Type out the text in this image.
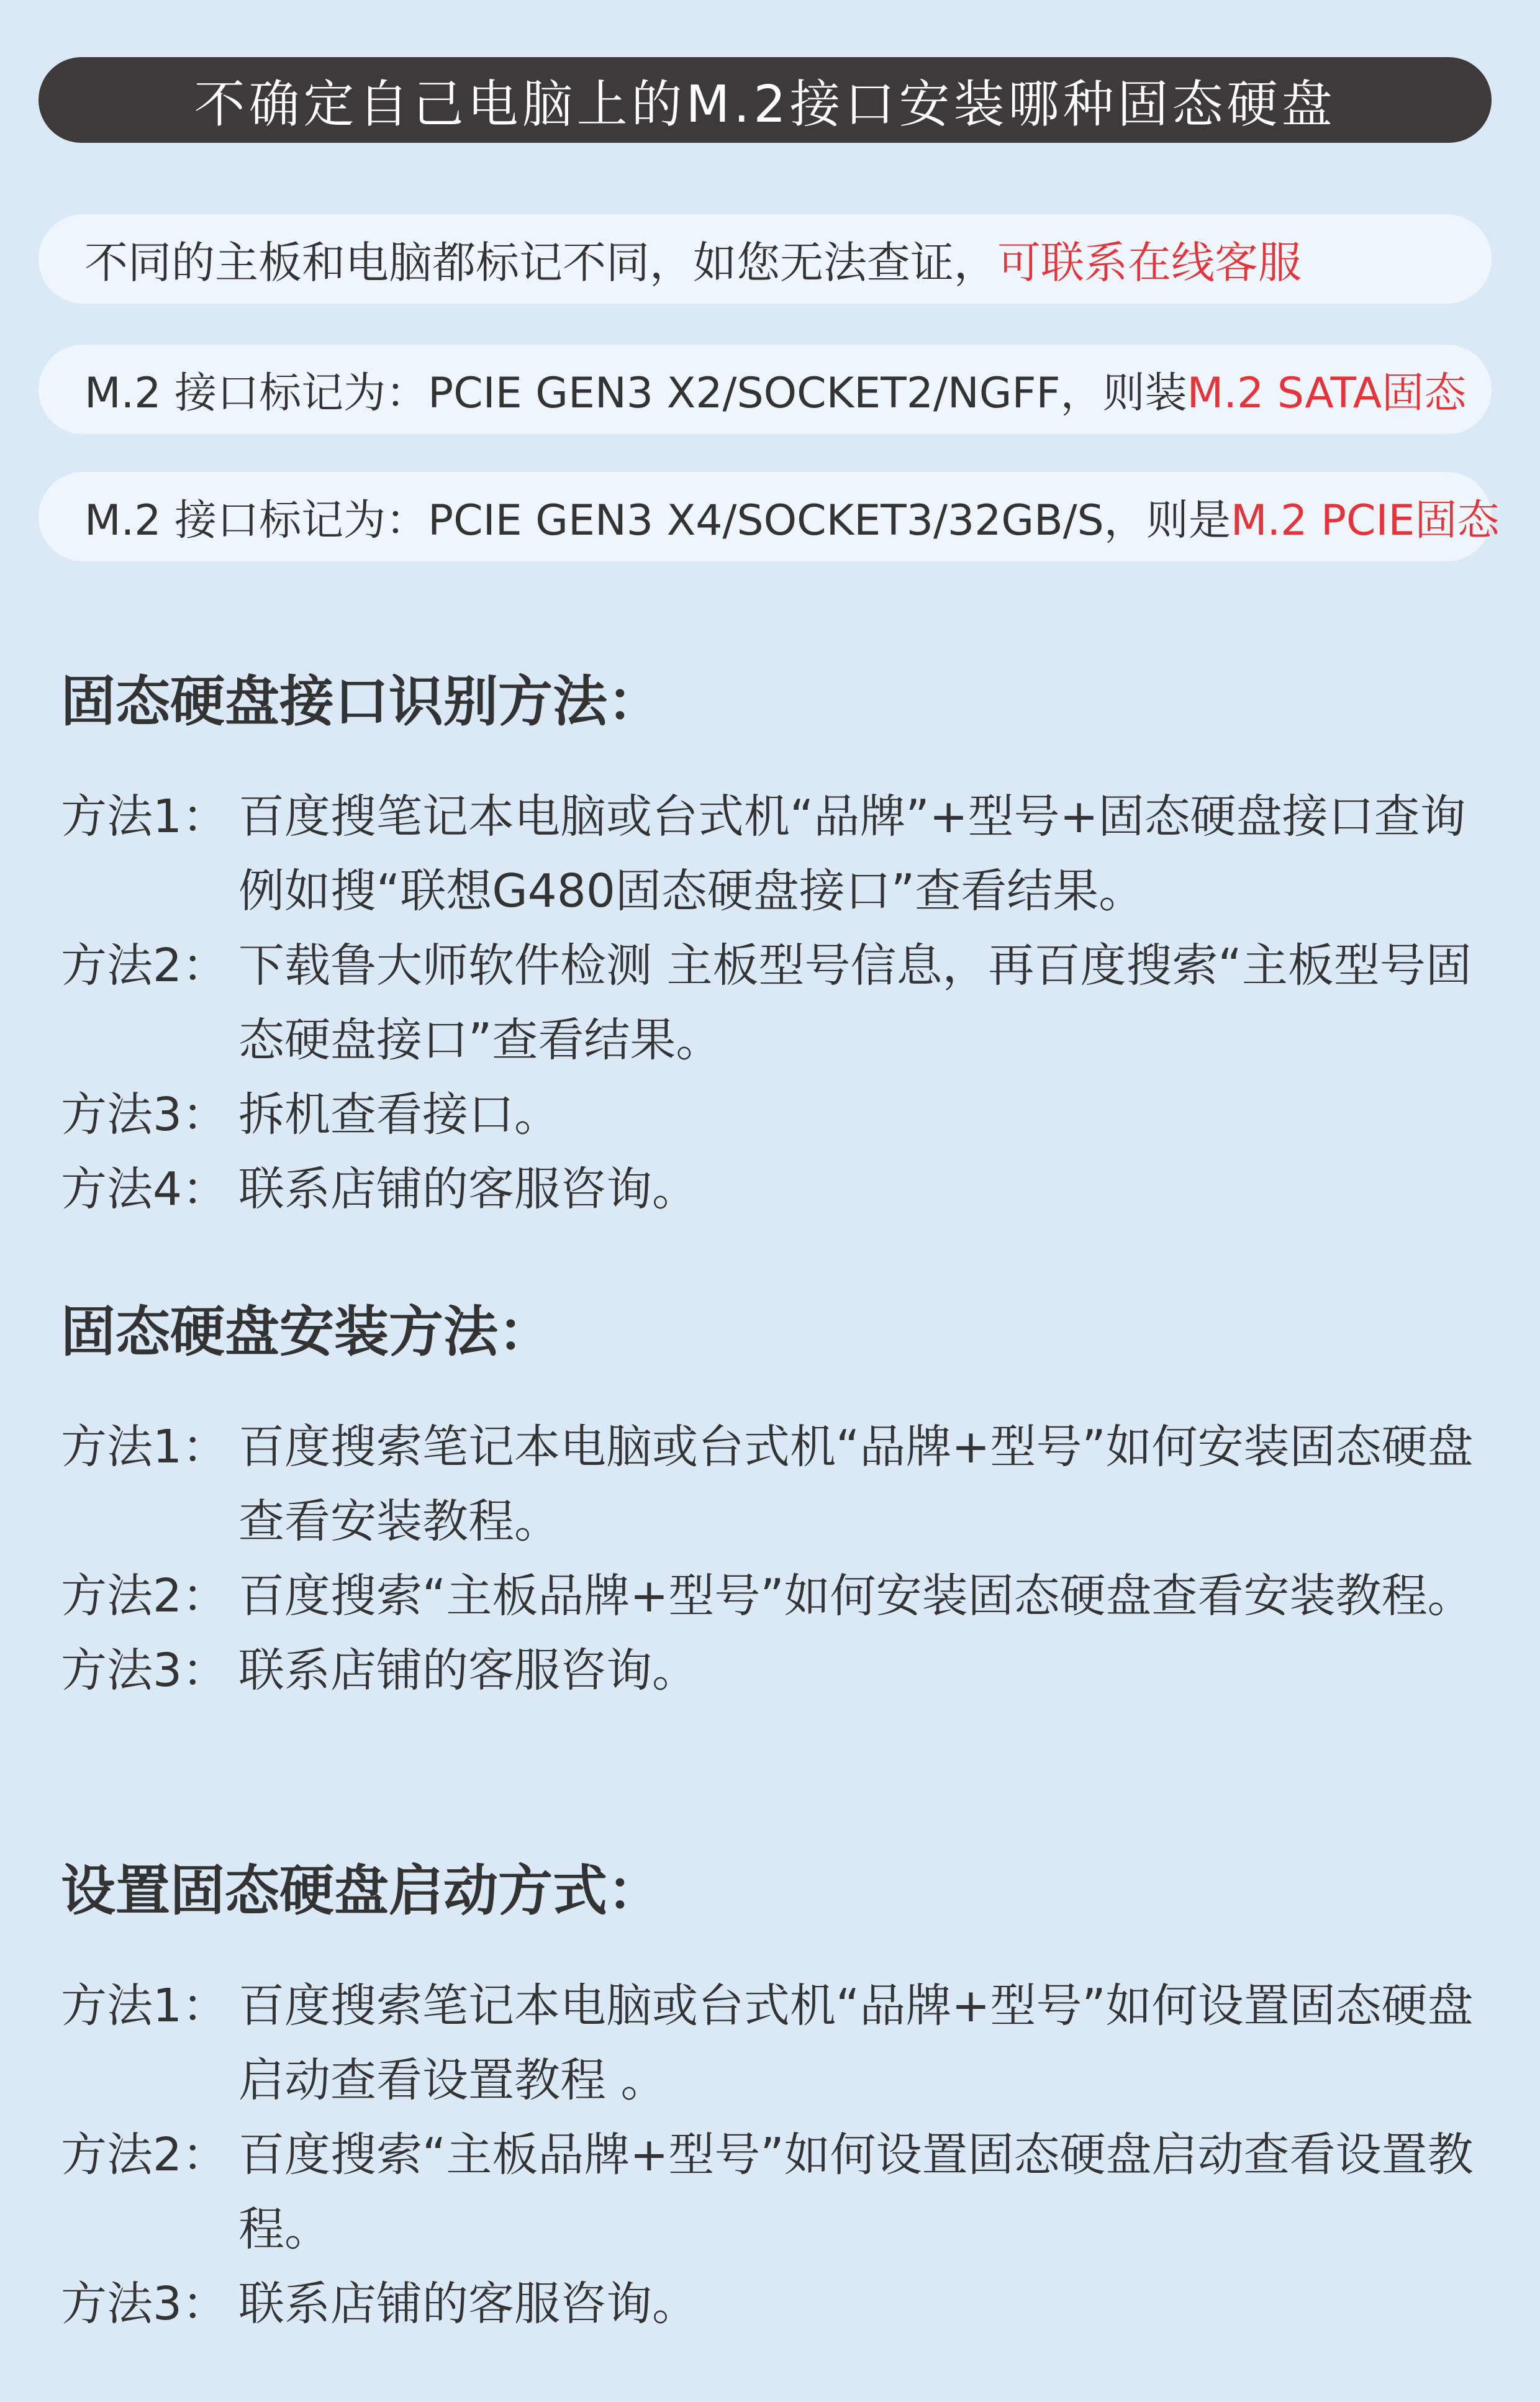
不确定自己电脑上的M.2接口安装哪种固态硬盘
不同的主板和电脑都标记不同，如您无法查证， 可联系在线客服
M.2 接口标记为：PCIE GEN3 X2/SOCKET2/NGFF，则装 M.2 SATA固态
M.2 接口标记为：PCIE GEN3 X4/SOCKET3/32GB/S，则是 M.2 PCIE固态
固态硬盘接口识别方法：
方法1： 百度搜笔记本电脑或台式机“品牌”+型号+固态硬盘接口查询 例如搜“联想G480固态硬盘接口”查看结果。
方法2： 下载鲁大师软件检测 主板型号信息，再百度搜索“主板型号固态硬盘接口”查看结果。
方法3： 拆机查看接口。
方法4： 联系店铺的客服咨询。
固态硬盘安装方法：
方法1： 百度搜索笔记本电脑或台式机“品牌+型号”如何安装固态硬盘查看安装教程。
方法2： 百度搜索“主板品牌+型号”如何安装固态硬盘查看安装教程。
方法3： 联系店铺的客服咨询。
设置固态硬盘启动方式：
方法1： 百度搜索笔记本电脑或台式机“品牌+型号”如何设置固态硬盘启动查看设置教程 。
方法2： 百度搜索“主板品牌+型号”如何设置固态硬盘启动查看设置教程。
方法3： 联系店铺的客服咨询。
